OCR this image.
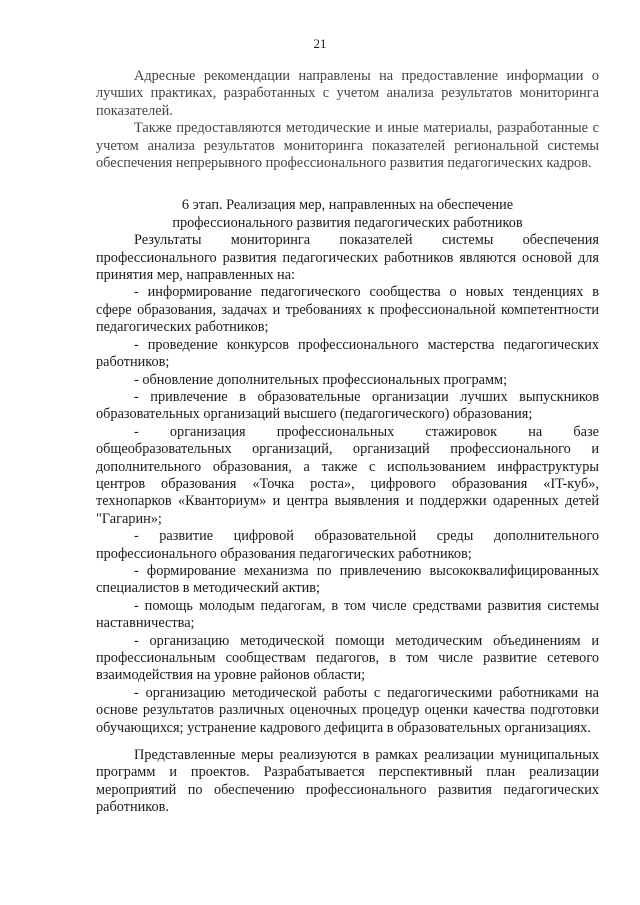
21

Адресные рекомендации направлены на предоставление информации о лучших практиках, разработанных с учетом анализа результатов мониторинга показателей.

Также предоставляются методические и иные материалы, разработанные с учетом анализа результатов мониторинга показателей региональной системы обеспечения непрерывного профессионального развития педагогических кадров.

6 этап. Реализация мер, направленных на обеспечение
профессионального развития педагогических работников

Результаты мониторинга показателей системы обеспечения профессионального развития педагогических работников являются основой для принятия мер, направленных на:

- информирование педагогического сообщества о новых тенденциях в сфере образования, задачах и требованиях к профессиональной компетентности педагогических работников;

- проведение конкурсов профессионального мастерства педагогических работников;

- обновление дополнительных профессиональных программ;

- привлечение в образовательные организации лучших выпускников образовательных организаций высшего (педагогического) образования;

- организация профессиональных стажировок на базе общеобразовательных организаций, организаций профессионального и дополнительного образования, а также с использованием инфраструктуры центров образования «Точка роста», цифрового образования «IT-куб», технопарков «Кванториум» и центра выявления и поддержки одаренных детей "Гагарин»;

- развитие цифровой образовательной среды дополнительного профессионального образования педагогических работников;

- формирование механизма по привлечению высококвалифицированных специалистов в методический актив;

- помощь молодым педагогам, в том числе средствами развития системы наставничества;

- организацию методической помощи методическим объединениям и профессиональным сообществам педагогов, в том числе развитие сетевого взаимодействия на уровне районов области;

- организацию методической работы с педагогическими работниками на основе результатов различных оценочных процедур оценки качества подготовки обучающихся; устранение кадрового дефицита в образовательных организациях.

Представленные меры реализуются в рамках реализации муниципальных программ и проектов. Разрабатывается перспективный план реализации мероприятий по обеспечению профессионального развития педагогических работников.
